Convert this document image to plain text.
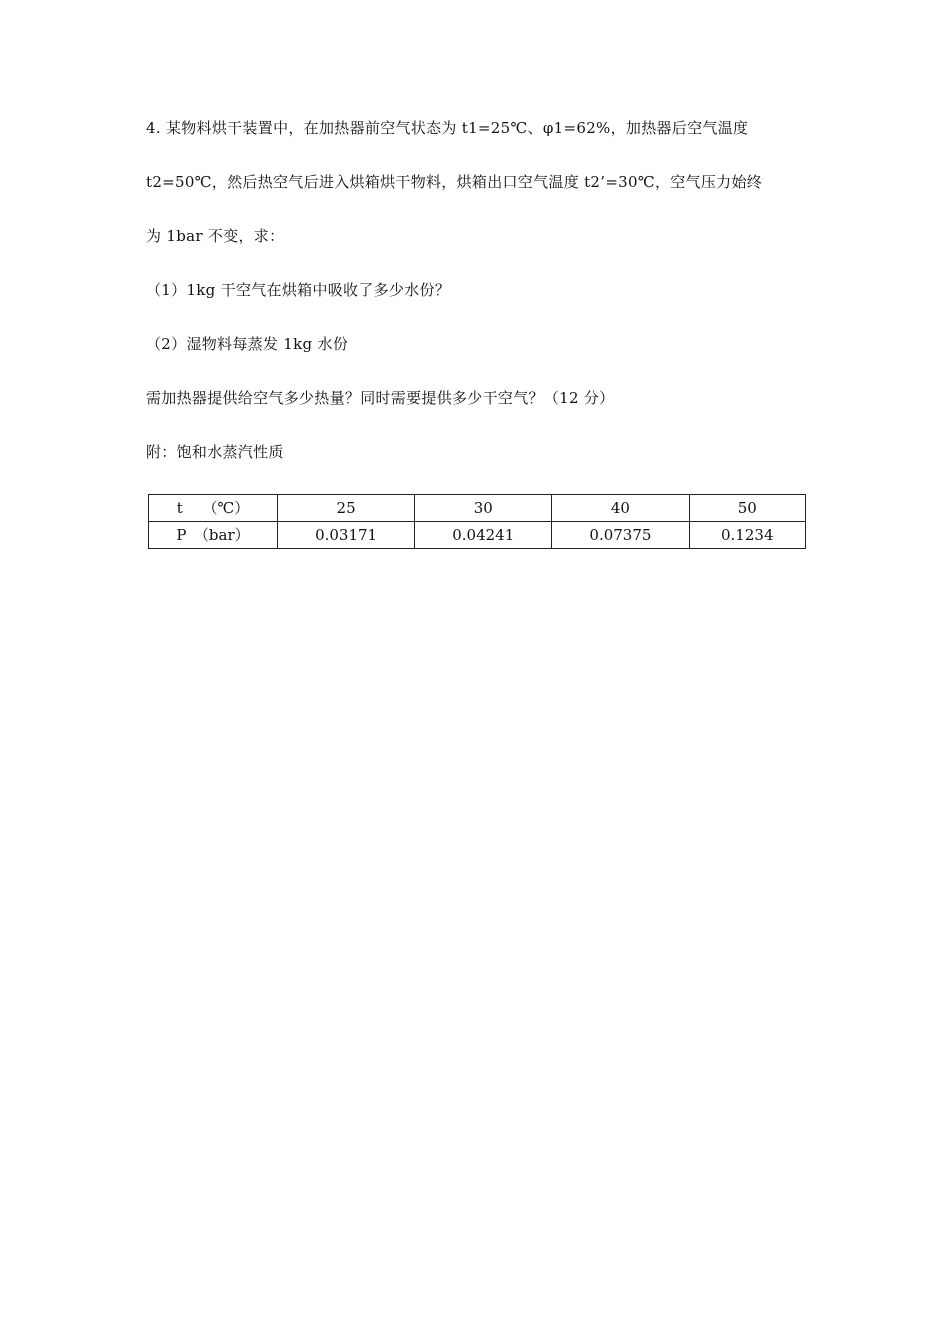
4. 某物料烘干装置中，在加热器前空气状态为 t1=25℃、φ1=62%，加热器后空气温度
t2=50℃，然后热空气后进入烘箱烘干物料，烘箱出口空气温度 t2’=30℃，空气压力始终
为 1bar 不变，求：
（1）1kg 干空气在烘箱中吸收了多少水份？
（2）湿物料每蒸发 1kg 水份
需加热器提供给空气多少热量？同时需要提供多少干空气？（12 分）
附：饱和水蒸汽性质
t　 （℃）	25	30	40	50
P　（bar）	0.03171	0.04241	0.07375	0.1234
